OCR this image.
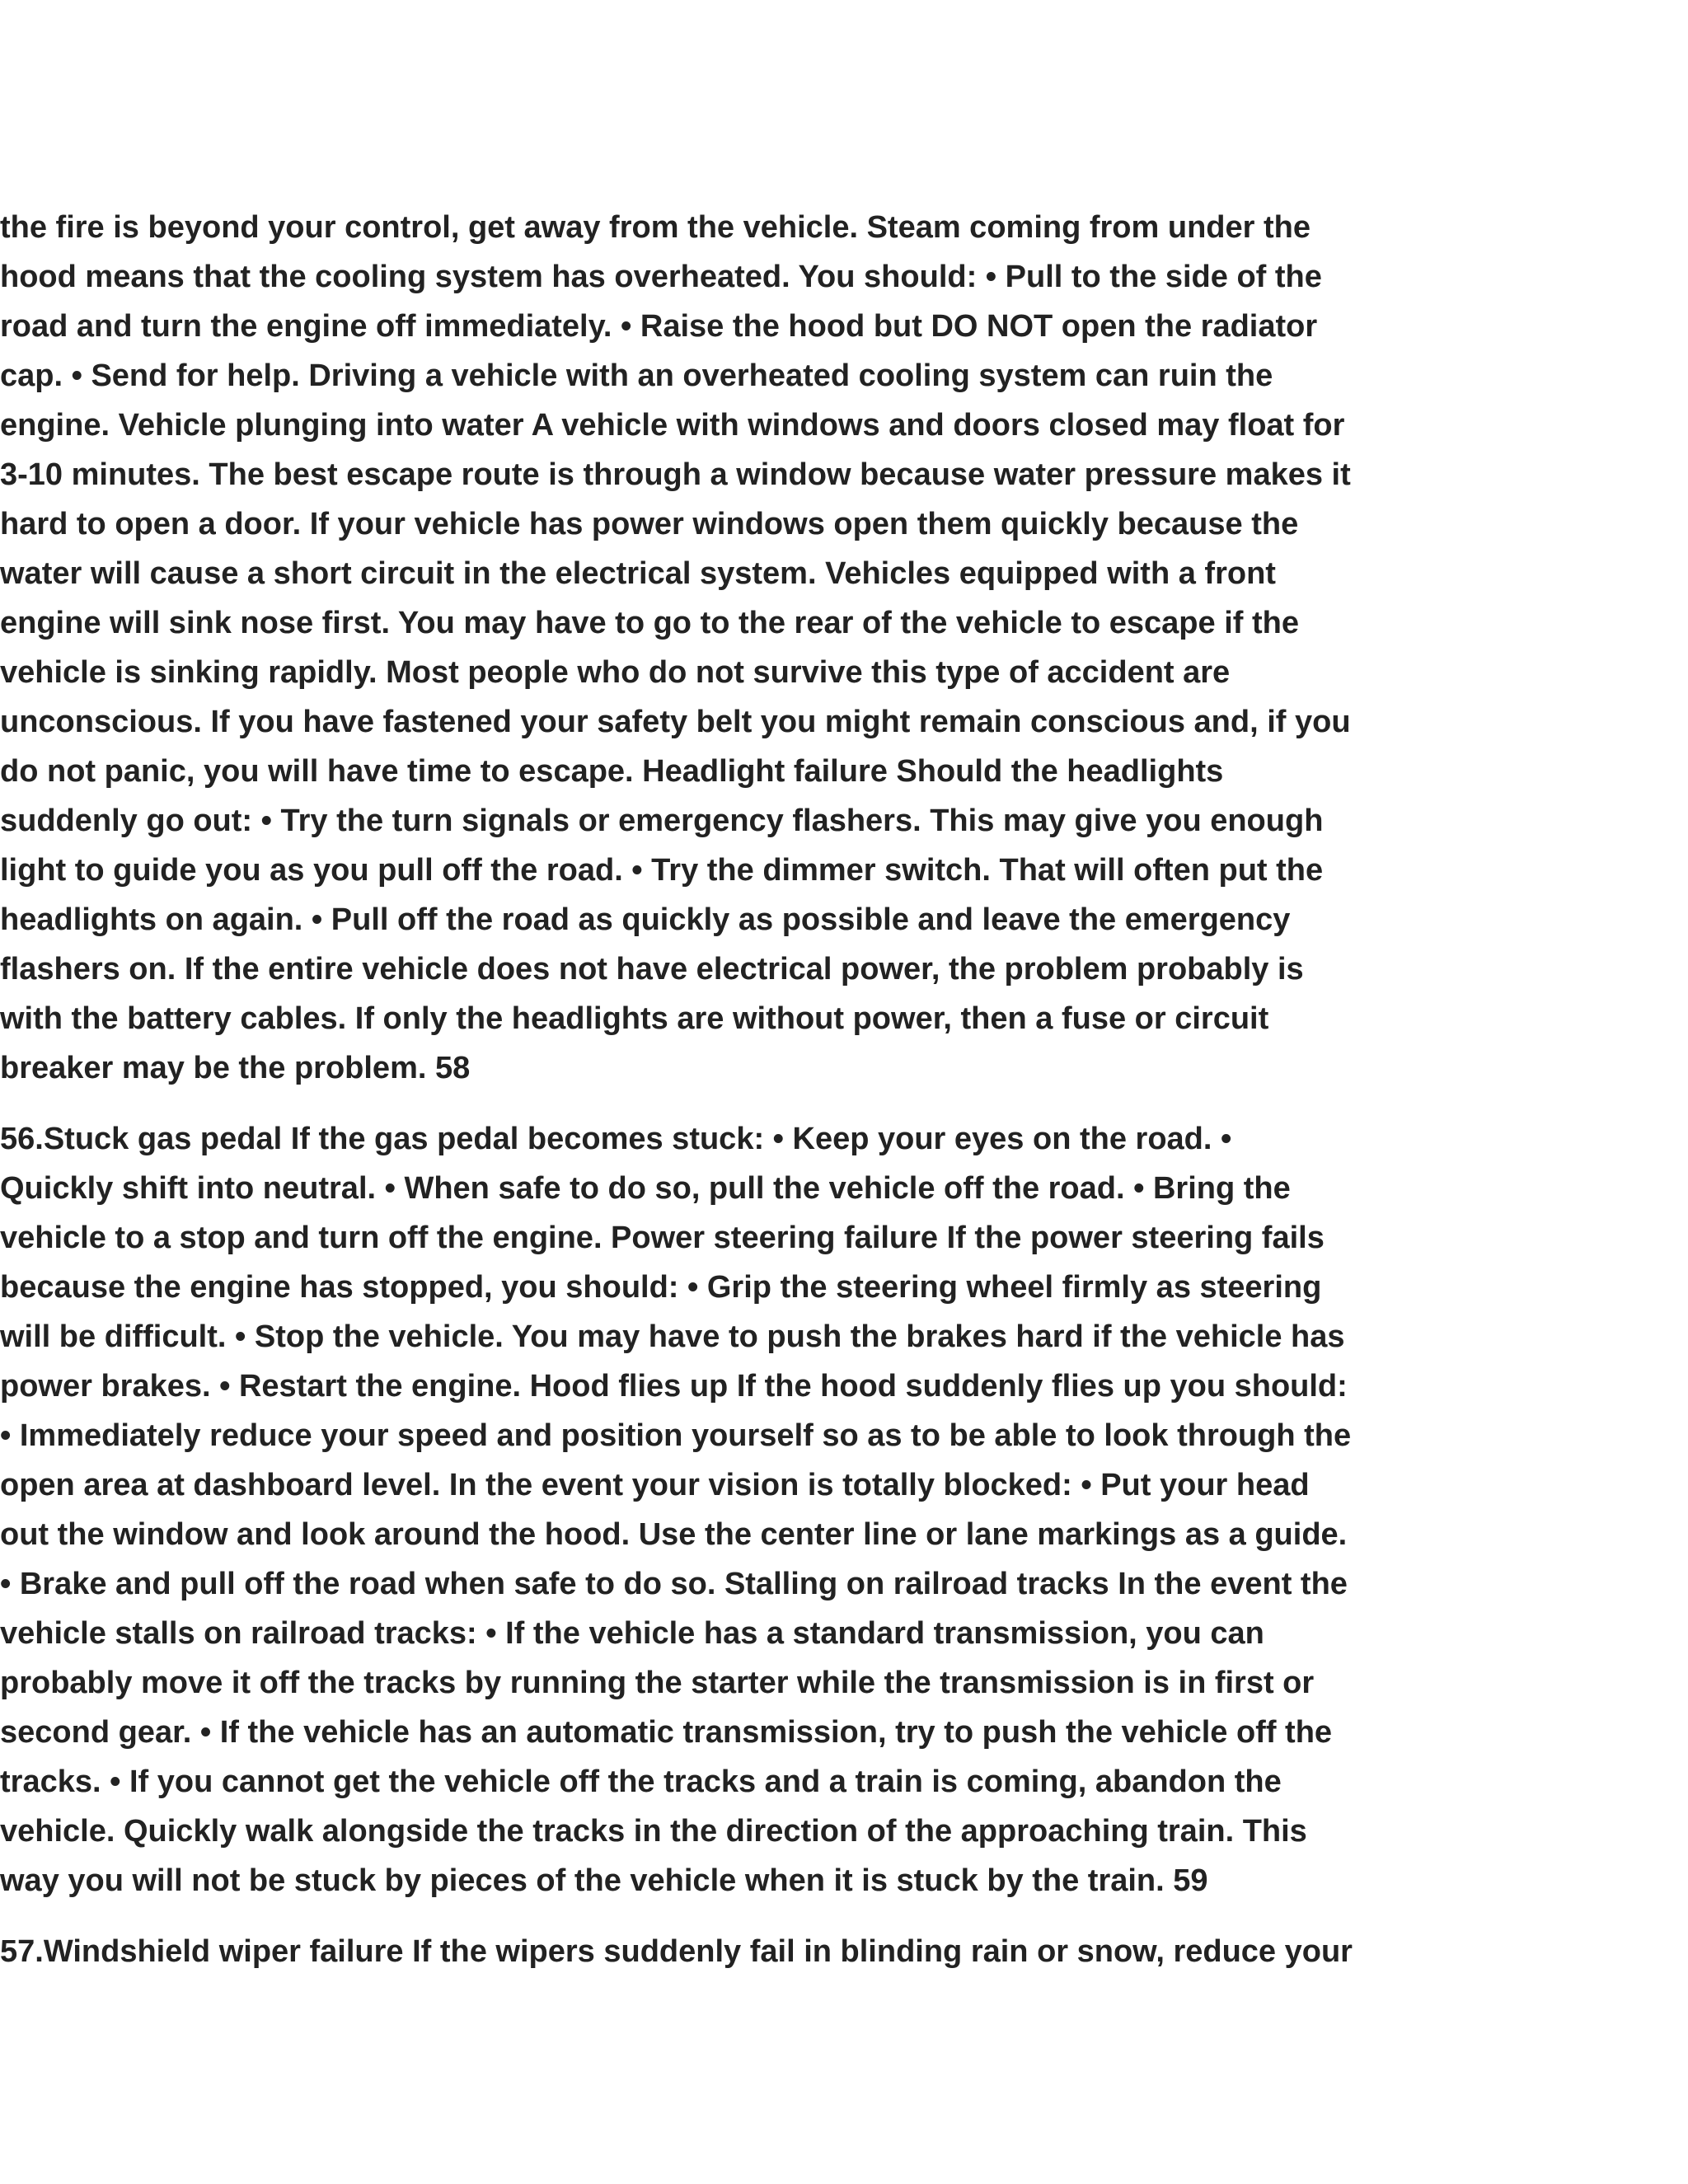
the fire is beyond your control, get away from the vehicle. Steam coming from under the
hood means that the cooling system has overheated. You should: • Pull to the side of the
road and turn the engine off immediately. • Raise the hood but DO NOT open the radiator
cap. • Send for help. Driving a vehicle with an overheated cooling system can ruin the
engine. Vehicle plunging into water A vehicle with windows and doors closed may float for
3-10 minutes. The best escape route is through a window because water pressure makes it
hard to open a door. If your vehicle has power windows open them quickly because the
water will cause a short circuit in the electrical system. Vehicles equipped with a front
engine will sink nose first. You may have to go to the rear of the vehicle to escape if the
vehicle is sinking rapidly. Most people who do not survive this type of accident are
unconscious. If you have fastened your safety belt you might remain conscious and, if you
do not panic, you will have time to escape. Headlight failure Should the headlights
suddenly go out: • Try the turn signals or emergency flashers. This may give you enough
light to guide you as you pull off the road. • Try the dimmer switch. That will often put the
headlights on again. • Pull off the road as quickly as possible and leave the emergency
flashers on. If the entire vehicle does not have electrical power, the problem probably is
with the battery cables. If only the headlights are without power, then a fuse or circuit
breaker may be the problem. 58
56.Stuck gas pedal If the gas pedal becomes stuck: • Keep your eyes on the road. •
Quickly shift into neutral. • When safe to do so, pull the vehicle off the road. • Bring the
vehicle to a stop and turn off the engine. Power steering failure If the power steering fails
because the engine has stopped, you should: • Grip the steering wheel firmly as steering
will be difficult. • Stop the vehicle. You may have to push the brakes hard if the vehicle has
power brakes. • Restart the engine. Hood flies up If the hood suddenly flies up you should:
• Immediately reduce your speed and position yourself so as to be able to look through the
open area at dashboard level. In the event your vision is totally blocked: • Put your head
out the window and look around the hood. Use the center line or lane markings as a guide.
• Brake and pull off the road when safe to do so. Stalling on railroad tracks In the event the
vehicle stalls on railroad tracks: • If the vehicle has a standard transmission, you can
probably move it off the tracks by running the starter while the transmission is in first or
second gear. • If the vehicle has an automatic transmission, try to push the vehicle off the
tracks. • If you cannot get the vehicle off the tracks and a train is coming, abandon the
vehicle. Quickly walk alongside the tracks in the direction of the approaching train. This
way you will not be stuck by pieces of the vehicle when it is stuck by the train. 59
57.Windshield wiper failure If the wipers suddenly fail in blinding rain or snow, reduce your
